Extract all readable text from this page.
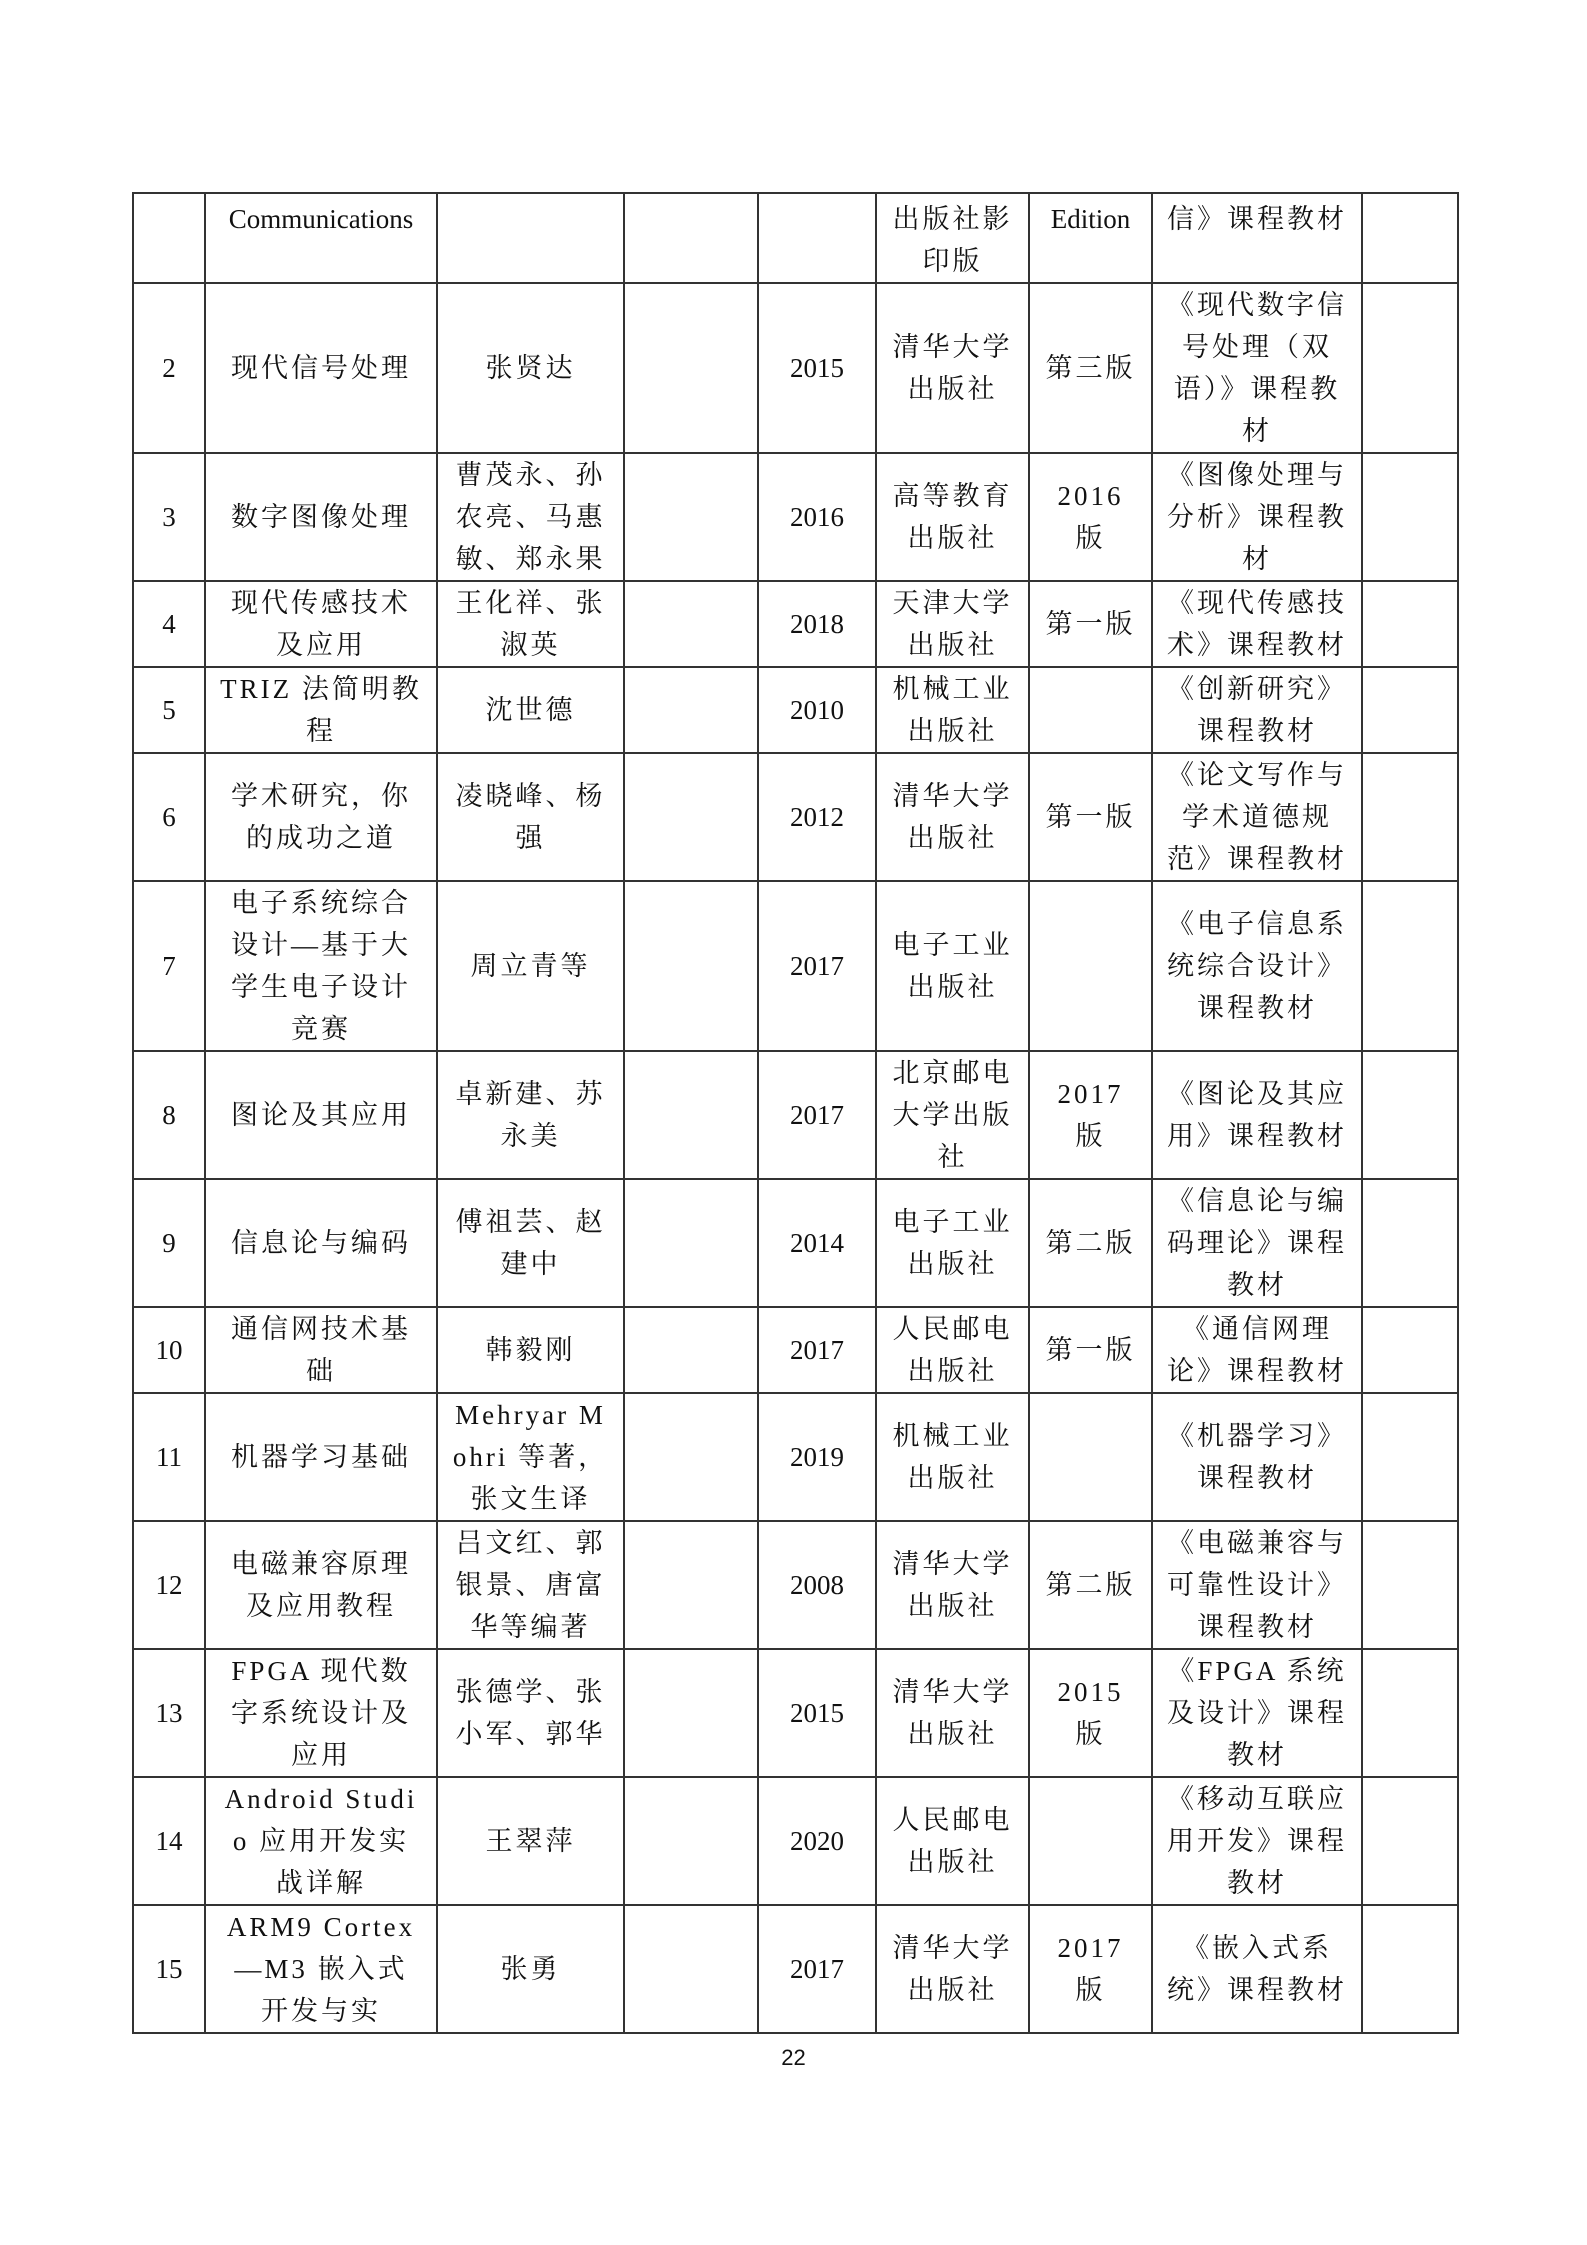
	Communications				出版社影印版	Edition	信》课程教材	
2	现代信号处理	张贤达		2015	清华大学出版社	第三版	《现代数字信号处理（双语）》课程教材	
3	数字图像处理	曹茂永、孙农亮、马惠敏、郑永果		2016	高等教育出版社	2016 版	《图像处理与分析》课程教材	
4	现代传感技术及应用	王化祥、张淑英		2018	天津大学出版社	第一版	《现代传感技术》课程教材	
5	TRIZ 法简明教程	沈世德		2010	机械工业出版社		《创新研究》课程教材	
6	学术研究，你的成功之道	凌晓峰、杨强		2012	清华大学出版社	第一版	《论文写作与学术道德规范》课程教材	
7	电子系统综合设计—基于大学生电子设计竞赛	周立青等		2017	电子工业出版社		《电子信息系统综合设计》课程教材	
8	图论及其应用	卓新建、苏永美		2017	北京邮电大学出版社	2017 版	《图论及其应用》课程教材	
9	信息论与编码	傅祖芸、赵建中		2014	电子工业出版社	第二版	《信息论与编码理论》课程教材	
10	通信网技术基础	韩毅刚		2017	人民邮电出版社	第一版	《通信网理论》课程教材	
11	机器学习基础	Mehryar Mohri 等著，张文生译		2019	机械工业出版社		《机器学习》课程教材	
12	电磁兼容原理及应用教程	吕文红、郭银景、唐富华等编著		2008	清华大学出版社	第二版	《电磁兼容与可靠性设计》课程教材	
13	FPGA 现代数字系统设计及应用	张德学、张小军、郭华		2015	清华大学出版社	2015 版	《FPGA 系统及设计》课程教材	
14	Android Studio 应用开发实战详解	王翠萍		2020	人民邮电出版社		《移动互联应用开发》课程教材	
15	ARM9 Cortex—M3 嵌入式开发与实	张勇		2017	清华大学出版社	2017 版	《嵌入式系统》课程教材	
22
